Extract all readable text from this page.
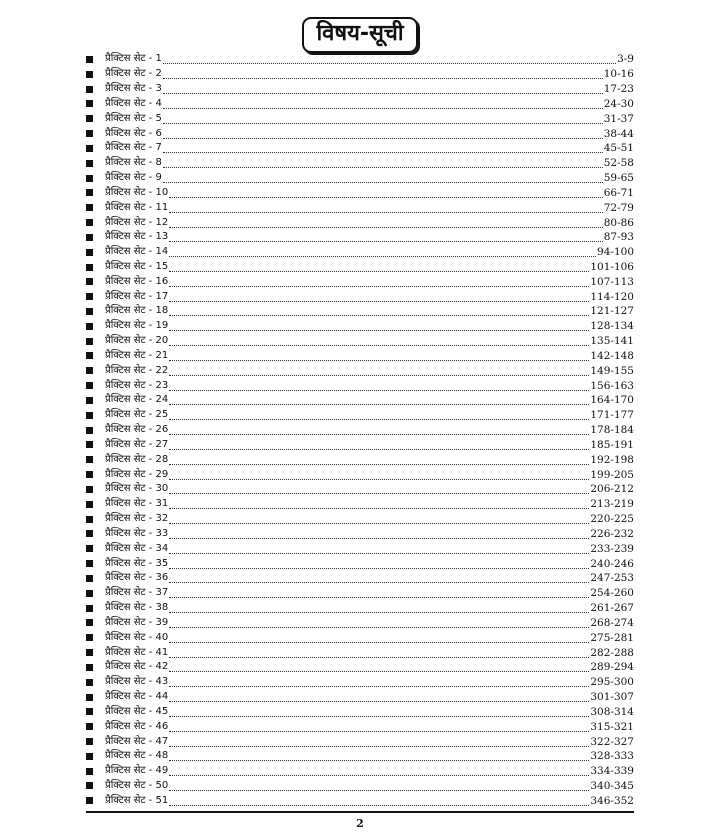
विषय-सूची
प्रैक्टिस सेट - 1	3-9
प्रैक्टिस सेट - 2	10-16
प्रैक्टिस सेट - 3	17-23
प्रैक्टिस सेट - 4	24-30
प्रैक्टिस सेट - 5	31-37
प्रैक्टिस सेट - 6	38-44
प्रैक्टिस सेट - 7	45-51
प्रैक्टिस सेट - 8	52-58
प्रैक्टिस सेट - 9	59-65
प्रैक्टिस सेट - 10	66-71
प्रैक्टिस सेट - 11	72-79
प्रैक्टिस सेट - 12	80-86
प्रैक्टिस सेट - 13	87-93
प्रैक्टिस सेट - 14	94-100
प्रैक्टिस सेट - 15	101-106
प्रैक्टिस सेट - 16	107-113
प्रैक्टिस सेट - 17	114-120
प्रैक्टिस सेट - 18	121-127
प्रैक्टिस सेट - 19	128-134
प्रैक्टिस सेट - 20	135-141
प्रैक्टिस सेट - 21	142-148
प्रैक्टिस सेट - 22	149-155
प्रैक्टिस सेट - 23	156-163
प्रैक्टिस सेट - 24	164-170
प्रैक्टिस सेट - 25	171-177
प्रैक्टिस सेट - 26	178-184
प्रैक्टिस सेट - 27	185-191
प्रैक्टिस सेट - 28	192-198
प्रैक्टिस सेट - 29	199-205
प्रैक्टिस सेट - 30	206-212
प्रैक्टिस सेट - 31	213-219
प्रैक्टिस सेट - 32	220-225
प्रैक्टिस सेट - 33	226-232
प्रैक्टिस सेट - 34	233-239
प्रैक्टिस सेट - 35	240-246
प्रैक्टिस सेट - 36	247-253
प्रैक्टिस सेट - 37	254-260
प्रैक्टिस सेट - 38	261-267
प्रैक्टिस सेट - 39	268-274
प्रैक्टिस सेट - 40	275-281
प्रैक्टिस सेट - 41	282-288
प्रैक्टिस सेट - 42	289-294
प्रैक्टिस सेट - 43	295-300
प्रैक्टिस सेट - 44	301-307
प्रैक्टिस सेट - 45	308-314
प्रैक्टिस सेट - 46	315-321
प्रैक्टिस सेट - 47	322-327
प्रैक्टिस सेट - 48	328-333
प्रैक्टिस सेट - 49	334-339
प्रैक्टिस सेट - 50	340-345
प्रैक्टिस सेट - 51	346-352
2
